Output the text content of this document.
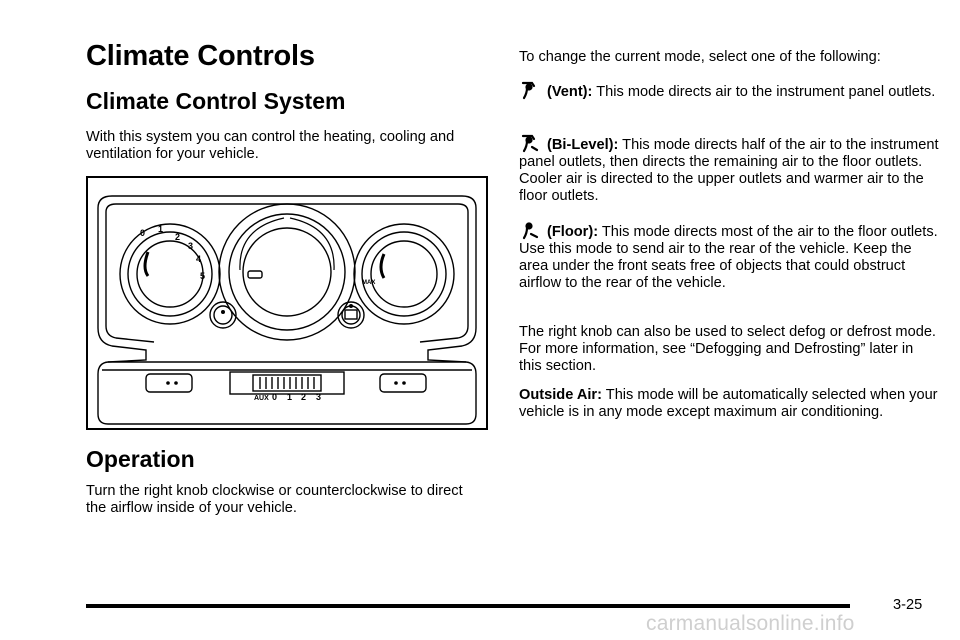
Climate Controls
Climate Control System

With this system you can control the heating, cooling and ventilation for your vehicle.

0 1
2
3
4
5
MAX
AUX 0 1 2 3
Operation

Turn the right knob clockwise or counterclockwise to direct the airflow inside of your vehicle.

To change the current mode, select one of the following:

(Vent): This mode directs air to the instrument panel outlets.

(Bi-Level): This mode directs half of the air to the instrument panel outlets, then directs the remaining air to the floor outlets. Cooler air is directed to the upper outlets and warmer air to the floor outlets.

(Floor): This mode directs most of the air to the floor outlets. Use this mode to send air to the rear of the vehicle. Keep the area under the front seats free of objects that could obstruct airflow to the rear of the vehicle.

The right knob can also be used to select defog or defrost mode. For more information, see “Defogging and Defrosting” later in this section.

Outside Air: This mode will be automatically selected when your vehicle is in any mode except maximum air conditioning.

3-25
carmanualsonline.info
